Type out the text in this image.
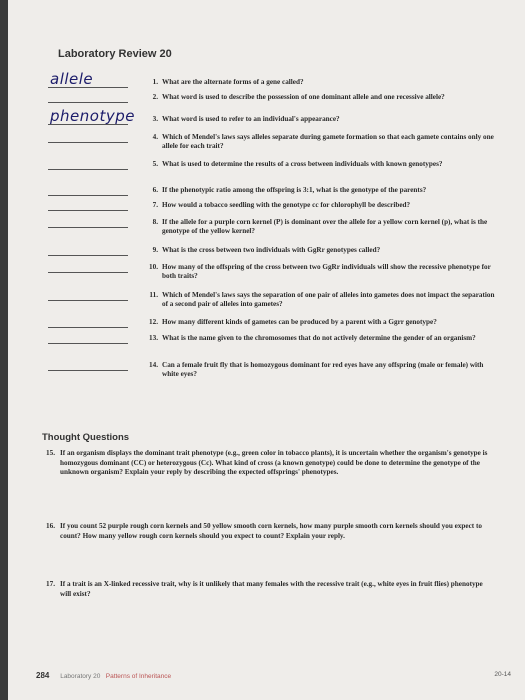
Laboratory Review 20
allele	1. What are the alternate forms of a gene called?
2. What word is used to describe the possession of one dominant allele and one recessive allele?
phenotype	3. What word is used to refer to an individual's appearance?
4. Which of Mendel's laws says alleles separate during gamete formation so that each gamete contains only one allele for each trait?
5. What is used to determine the results of a cross between individuals with known genotypes?
6. If the phenotypic ratio among the offspring is 3:1, what is the genotype of the parents?
7. How would a tobacco seedling with the genotype cc for chlorophyll be described?
8. If the allele for a purple corn kernel (P) is dominant over the allele for a yellow corn kernel (p), what is the genotype of the yellow kernel?
9. What is the cross between two individuals with GgRr genotypes called?
10. How many of the offspring of the cross between two GgRr individuals will show the recessive phenotype for both traits?
11. Which of Mendel's laws says the separation of one pair of alleles into gametes does not impact the separation of a second pair of alleles into gametes?
12. How many different kinds of gametes can be produced by a parent with a Ggrr genotype?
13. What is the name given to the chromosomes that do not actively determine the gender of an organism?
14. Can a female fruit fly that is homozygous dominant for red eyes have any offspring (male or female) with white eyes?
Thought Questions
15. If an organism displays the dominant trait phenotype (e.g., green color in tobacco plants), it is uncertain whether the organism's genotype is homozygous dominant (CC) or heterozygous (Cc). What kind of cross (a known genotype) could be done to determine the genotype of the unknown organism? Explain your reply by describing the expected offsprings' phenotypes.
16. If you count 52 purple rough corn kernels and 50 yellow smooth corn kernels, how many purple smooth corn kernels should you expect to count? How many yellow rough corn kernels should you expect to count? Explain your reply.
17. If a trait is an X-linked recessive trait, why is it unlikely that many females with the recessive trait (e.g., white eyes in fruit flies) phenotype will exist?
284 Laboratory 20 Patterns of Inheritance	20-14
